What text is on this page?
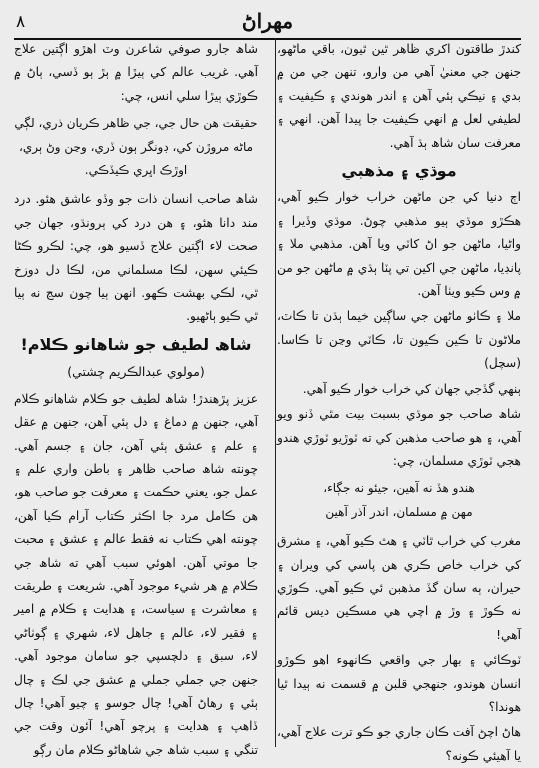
٨	مهراڻ

کندڙ طاقتون اکري ظاهر ٿين ٿيون، باقي ماڻهو، جنهن جي معنيٰ آهي من وارو، تنهن جي من ۾ بدي ۽ نيڪي ٻئي آهن ۽ اندر هوندي ۽ ڪيفيت ۽ لطيفي لعل ۾ انهي ڪيفيت جا پيدا آهن. انهي ۽ معرفت سان شاھ ٻڌ آهي.

موڌي ۽ مذهبي

اڄ دنيا کي جن ماڻهن خراب خوار ڪيو آهي، هڪڙو موڌي ٻيو مذهبي چوڻ. موڌي وڏيرا ۽ واڻيا، ماڻهن جو اڻ کاٽي ويا آهن. مذهبي ملا ۽ پانڊيا، ماڻهن جي اکين تي پٽا ٻڌي ۾ ماڻهن جو من ۾ وس ڪيو ويٺا آهن.

ملا ۽ ڪاٺو ماڻهن جي ساڳين خيما ٻڌن تا ڪاٽ، ملاڻون تا ڪين ڪيون تا، ڪاٽي وڃن تا ڪاسا. (سچل)

ٻنهي گڏجي جهان کي خراب خوار ڪيو آهي.

شاھ صاحب جو موڌي بسبت بيت مٿي ڏنو ويو آهي، ۽ هو صاحب مذهبن کي ته ٽوڙيو ٽوڙي هندو هجي ٽوڙي مسلمان، چي:

هندو هڏ نه آهين، جيئو نه جڳاء،

مهن ۾ مسلمان، اندر آذر آهين

مغرب کي خراب ٿاٽي ۽ هٿ ڪيو آهي، ۽ مشرق کي خراب خاص ڪري هن پاسي کي ويران ۽ حيران، ٻه سان گڏ مذهبن ئي ڪيو آهي. ڪوڙي نه ڪوڙ ۽ وڙ ۾ اچي هي مسڪين ديس قائم آهي!

ٽوڪائي ۽ بهار جي واقعي ڪانهوء اهو ڪوڙو انسان هوندو، جنهجي قلبن ۾ قسمت نه ٻيدا ٿيا هوندا؟

هاڻ اچڻ آفت ڪان جاري جو ڪو ترت علاج آهي، يا آهيئي ڪونه؟

شاھ جارو صوفي شاعرن وٽ اهڙو اڳتين علاج آهي. غريب عالم کي ٻيڙا ۾ ٻڙ ٻو ڏسي، ٻاڻ ۾ ڪوڙي ٻيڙا سلي انس، چي:

حقيقت هن حال جي، جي ظاهر ڪريان ذري، لڳي ماڻه مروڙن کي، ڊونگر ٻون ڏري، وڃن وڻ ٻري، اوڙڪ اڀري ڪيڏڪي.

شاھ صاحب انسان ذات جو وڏو عاشق هئو. درد مند دانا هئو، ۽ هن درد کي ٻرونڌو، جهان جي صحت لاء اڳتين علاج ڏسيو هو، چي: لڪرو ڪڻا ڪيئي سهن، لڪا مسلماني من، لڪا دل دوزخ ٿي، لڪي بهشت ڪهو. انهن ٻيا چون سڃ نه ٻيا ٿي ڪيو ٻاڻهيو.

شاھ لطيف جو شاهانو ڪلام!
(مولوي عبدالڪريم چشتي)

عزيز پڙهندڙ! شاھ لطيف جو ڪلام شاهانو ڪلام آهي، جنهن ۾ دماغ ۽ دل ٻئي آهن، جنهن ۾ عقل ۽ علم ۽ عشق ٻئي آهن، جان ۽ جسم آهي. چونته شاھ صاحب ظاهر ۽ باطن واري علم ۽ عمل جو، يعني حڪمت ۽ معرفت جو صاحب هو، هن ڪامل مرد جا اڪثر ڪتاب آرام ڪيا آهن، چونته اهي ڪتاب نه فقط عالم ۽ عشق ۽ محبت جا موتي آهن. اهوئي سبب آهي ته شاھ جي ڪلام ۾ هر شيء موجود آهي. شريعت ۽ طريقت ۽ معاشرت ۽ سياست، ۽ هدايت ۽ ڪلام ۾ امير ۽ فقير لاء، عالم ۽ جاهل لاء، شهري ۽ ڳوٺاڻي لاء، سبق ۽ دلچسپي جو سامان موجود آهي. جنهن جي جملي جملي ۾ عشق جي لڪ ۽ چال ٻئي ۽ رهاڻ آهي! چال جوسو ۽ چيو آهي! چال ڏاهپ ۽ هدايت ۽ پرچو آهي! آئون وقت جي تنگي ۽ سبب شاھ جي شاهاڻو ڪلام مان رڳو
